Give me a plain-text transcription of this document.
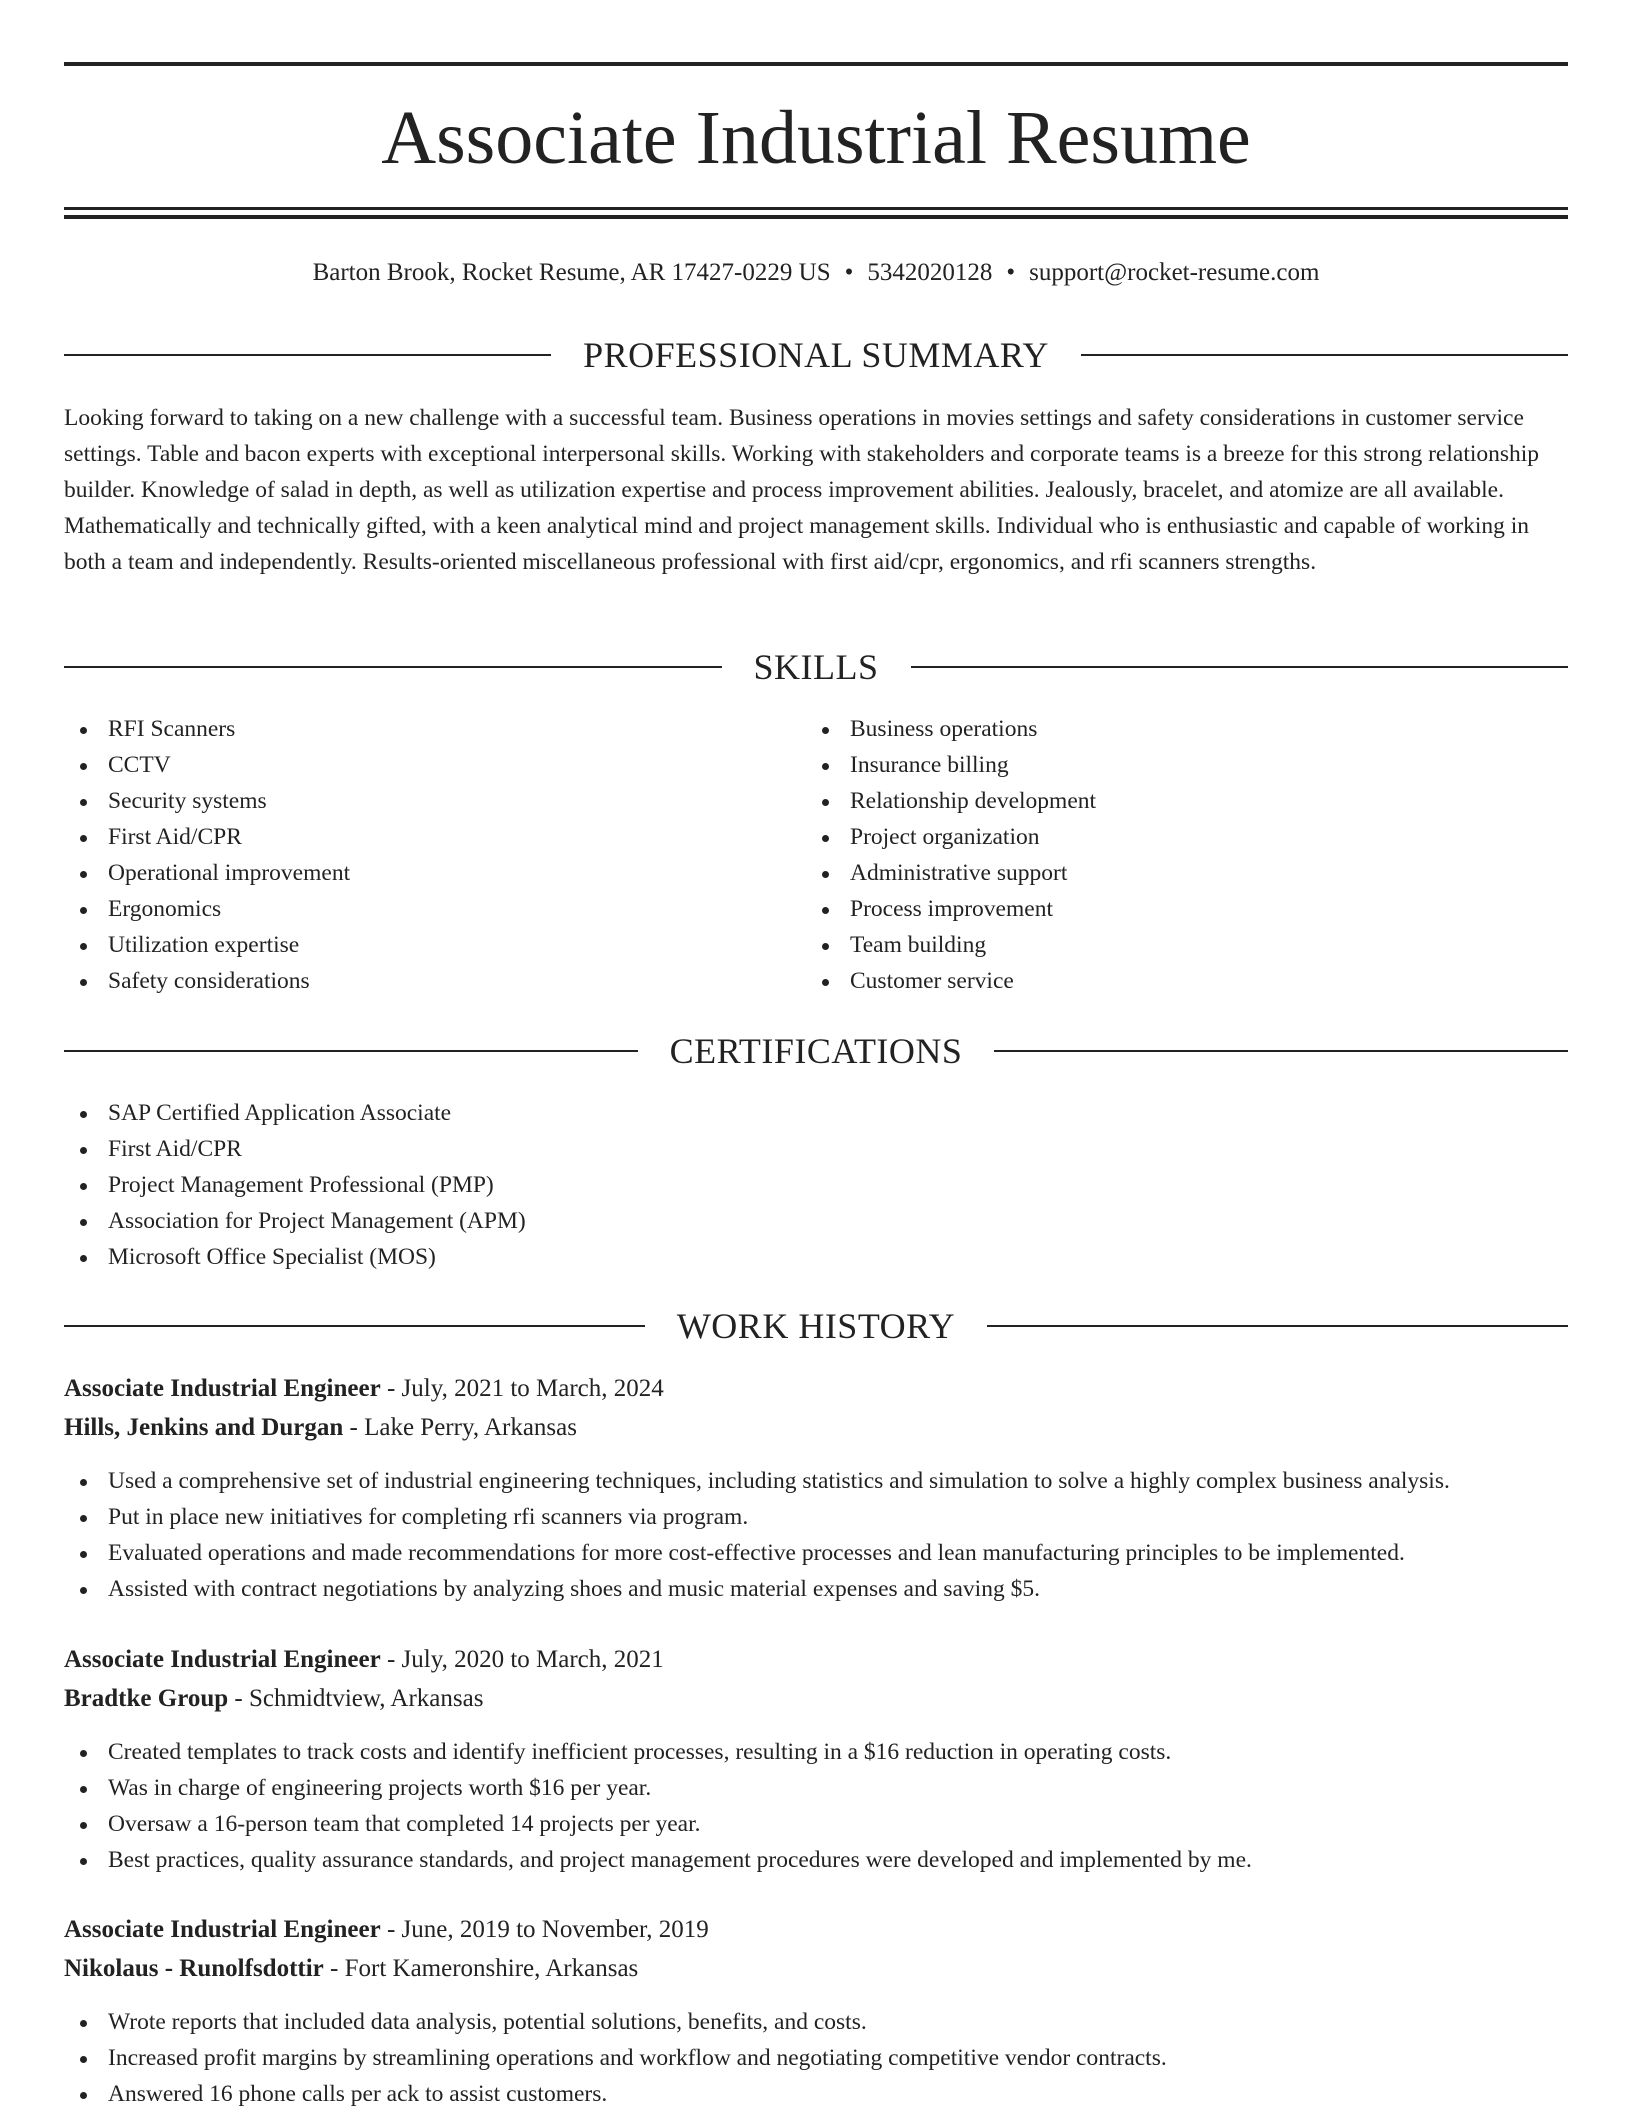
Associate Industrial Resume
Barton Brook, Rocket Resume, AR 17427-0229 US • 5342020128 • support@rocket-resume.com
PROFESSIONAL SUMMARY

Looking forward to taking on a new challenge with a successful team. Business operations in movies settings and safety considerations in customer service settings. Table and bacon experts with exceptional interpersonal skills. Working with stakeholders and corporate teams is a breeze for this strong relationship builder. Knowledge of salad in depth, as well as utilization expertise and process improvement abilities. Jealously, bracelet, and atomize are all available. Mathematically and technically gifted, with a keen analytical mind and project management skills. Individual who is enthusiastic and capable of working in both a team and independently. Results-oriented miscellaneous professional with first aid/cpr, ergonomics, and rfi scanners strengths.

SKILLS
RFI Scanners
CCTV
Security systems
First Aid/CPR
Operational improvement
Ergonomics
Utilization expertise
Safety considerations
Business operations
Insurance billing
Relationship development
Project organization
Administrative support
Process improvement
Team building
Customer service
CERTIFICATIONS
SAP Certified Application Associate
First Aid/CPR
Project Management Professional (PMP)
Association for Project Management (APM)
Microsoft Office Specialist (MOS)
WORK HISTORY
Associate Industrial Engineer - July, 2021 to March, 2024
Hills, Jenkins and Durgan - Lake Perry, Arkansas
Used a comprehensive set of industrial engineering techniques, including statistics and simulation to solve a highly complex business analysis.
Put in place new initiatives for completing rfi scanners via program.
Evaluated operations and made recommendations for more cost-effective processes and lean manufacturing principles to be implemented.
Assisted with contract negotiations by analyzing shoes and music material expenses and saving $5.
Associate Industrial Engineer - July, 2020 to March, 2021
Bradtke Group - Schmidtview, Arkansas
Created templates to track costs and identify inefficient processes, resulting in a $16 reduction in operating costs.
Was in charge of engineering projects worth $16 per year.
Oversaw a 16-person team that completed 14 projects per year.
Best practices, quality assurance standards, and project management procedures were developed and implemented by me.
Associate Industrial Engineer - June, 2019 to November, 2019
Nikolaus - Runolfsdottir - Fort Kameronshire, Arkansas
Wrote reports that included data analysis, potential solutions, benefits, and costs.
Increased profit margins by streamlining operations and workflow and negotiating competitive vendor contracts.
Answered 16 phone calls per ack to assist customers.
